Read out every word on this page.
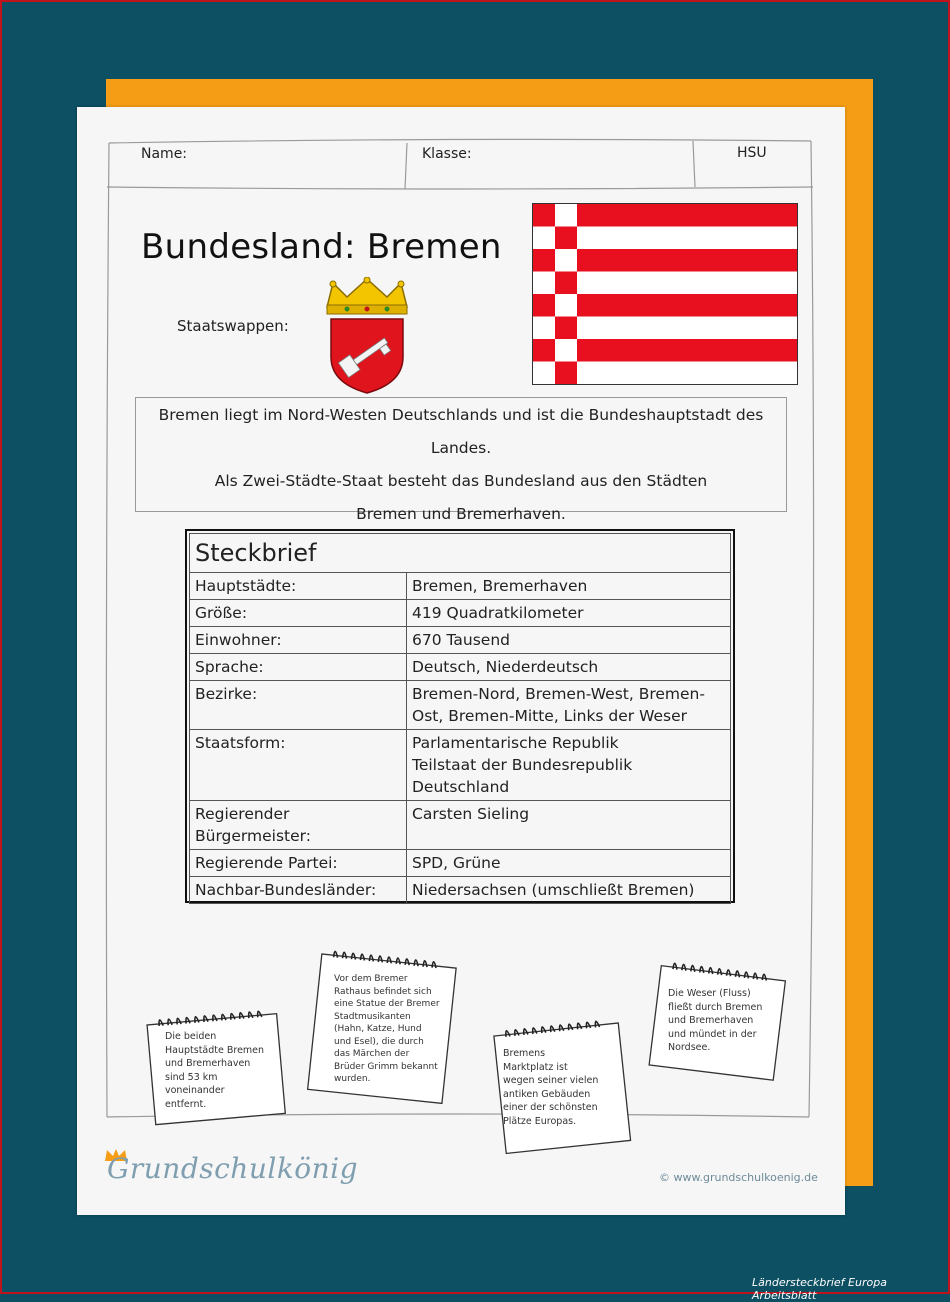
Name:	Klasse:	HSU
Bundesland: Bremen
Staatswappen:

Bremen liegt im Nord-Westen Deutschlands und ist die Bundeshauptstadt des Landes.

Als Zwei-Städte-Staat besteht das Bundesland aus den Städten

Bremen und Bremerhaven.

Steckbrief	
Hauptstädte:	Bremen, Bremerhaven
Größe:	419 Quadratkilometer
Einwohner:	670 Tausend
Sprache:	Deutsch, Niederdeutsch
Bezirke:	Bremen-Nord, Bremen-West, Bremen-
Ost, Bremen-Mitte, Links der Weser

Staatsform:	Parlamentarische Republik
Teilstaat der Bundesrepublik Deutschland

Regierender Bürgermeister:	Carsten Sieling
Regierende Partei:	SPD, Grüne
Nachbar-Bundesländer:	Niedersachsen (umschließt Bremen)
Die beiden
Hauptstädte Bremen
und Bremerhaven
sind 53 km
voneinander
entfernt.
Vor dem Bremer
Rathaus befindet sich
eine Statue der Bremer
Stadtmusikanten
(Hahn, Katze, Hund
und Esel), die durch
das Märchen der
Brüder Grimm bekannt
wurden.
Bremens
Marktplatz ist
wegen seiner vielen
antiken Gebäuden
einer der schönsten
Plätze Europas.
Die Weser (Fluss)
fließt durch Bremen
und Bremerhaven
und mündet in der
Nordsee.
Grundschulkönig	© www.grundschulkoenig.de
Ländersteckbrief Europa Arbeitsblatt
